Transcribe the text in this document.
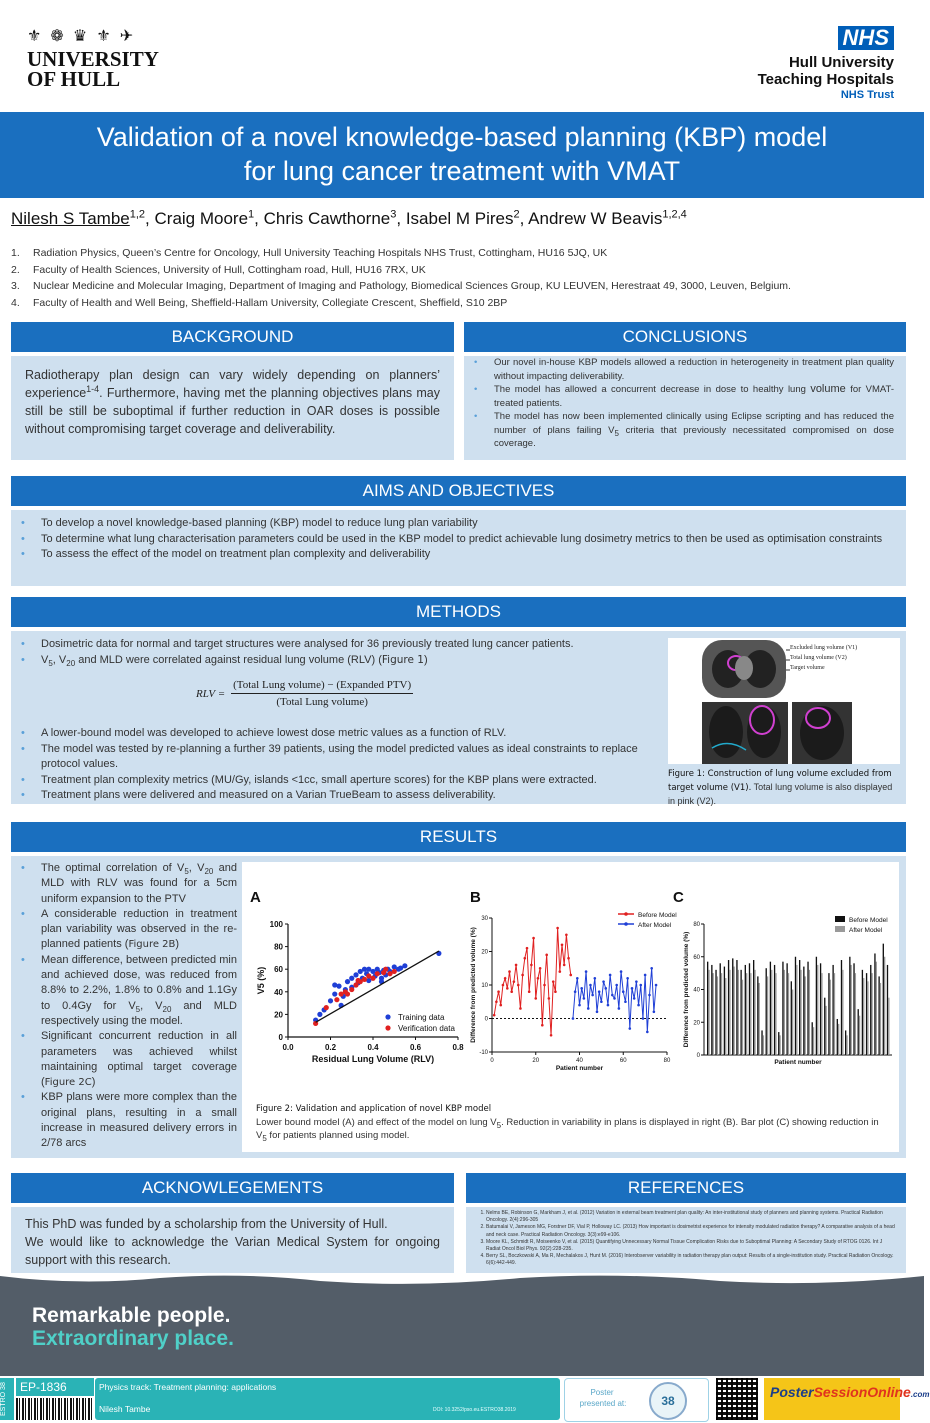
⚜ ❁ ♛ ⚜ ✈
UNIVERSITY OF HULL
NHS
Hull University
Teaching Hospitals
NHS Trust
Validation of a novel knowledge-based planning (KBP) model
for lung cancer treatment with VMAT
Nilesh S Tambe$^{1,2}$, Craig Moore$^1$, Chris Cawthorne$^3$, Isabel M Pires$^2$, Andrew W Beavis$^{1,2,4}$
1.	Radiation Physics, Queen’s Centre for Oncology, Hull University Teaching Hospitals NHS Trust, Cottingham, HU16 5JQ, UK
2.	Faculty of Health Sciences, University of Hull, Cottingham road, Hull, HU16 7RX, UK
3.	Nuclear Medicine and Molecular Imaging, Department of Imaging and Pathology, Biomedical Sciences Group, KU LEUVEN, Herestraat 49, 3000, Leuven, Belgium.
4.	Faculty of Health and Well Being, Sheffield-Hallam University, Collegiate Crescent, Sheffield, S10 2BP
BACKGROUND

Radiotherapy plan design can vary widely depending on planners’ experience$^{1-4}$. Furthermore, having met the planning objectives plans may still be still be suboptimal if further reduction in OAR doses is possible without compromising target coverage and deliverability.

CONCLUSIONS
• Our novel in-house KBP models allowed a reduction in heterogeneity in treatment plan quality without impacting deliverability.
• The model has allowed a concurrent decrease in dose to healthy lung volume for VMAT-treated patients.
• The model has now been implemented clinically using Eclipse scripting and has reduced the number of plans failing $V_5$ criteria that previously necessitated compromised on dose coverage.
AIMS AND OBJECTIVES
• To develop a novel knowledge-based planning (KBP) model to reduce lung plan variability
• To determine what lung characterisation parameters could be used in the KBP model to predict achievable lung dosimetry metrics to then be used as optimisation constraints
• To assess the effect of the model on treatment plan complexity and deliverability
METHODS
• Dosimetric data for normal and target structures were analysed for 36 previously treated lung cancer patients.
• $V_5$, $V_{20}$ and MLD were correlated against residual lung volume (RLV) (Figure 1)
RLV =
(Total Lung volume) − (Expanded PTV)
(Total Lung volume)
• A lower-bound model was developed to achieve lowest dose metric values as a function of RLV.
• The model was tested by re-planning a further 39 patients, using the model predicted values as ideal constraints to replace protocol values.
• Treatment plan complexity metrics (MU/Gy, islands <1cc, small aperture scores) for the KBP plans were extracted.
• Treatment plans were delivered and measured on a Varian TrueBeam to assess deliverability.
Excluded lung volume (V1)
Total lung volume (V2)
Target volume
Figure 1: Construction of lung volume excluded from target volume (V1). Total lung volume is also displayed in pink (V2).
RESULTS
• The optimal correlation of $V_5$, $V_{20}$ and MLD with RLV was found for a 5cm uniform expansion to the PTV
• A considerable reduction in treatment plan variability was observed in the re-planned patients (Figure 2B)
• Mean difference, between predicted min and achieved dose, was reduced from 8.8% to 2.2%, 1.8% to 0.8% and 1.1Gy to 0.4Gy for $V_5$, $V_{20}$ and MLD respectively using the model.
• Significant concurrent reduction in all parameters was achieved whilst maintaining optimal target coverage (Figure 2C)
• KBP plans were more complex than the original plans, resulting in a small increase in measured delivery errors in 2/78 arcs
A
0.0	0.2	0.4	0.6	0.8
0
20
40
60
80
100
Residual Lung Volume (RLV)
V5 (%)
Training data
Verification data
B
0	20	40	60	80
-10
0
10
20
30
Patient number
Difference from predicted volume (%)
Before Model
After Model
C
0
20
40
60
80
Patient number
Difference from predicted volume (%)
Before Model
After Model
Figure 2: Validation and application of novel KBP model
Lower bound model (A) and effect of the model on lung $V_5$. Reduction in variability in plans is displayed in right (B). Bar plot (C) showing reduction in $V_5$ for patients planned using model.
ACKNOWLEGEMENTS
This PhD was funded by a scholarship from the University of Hull.
We would like to acknowledge the Varian Medical System for ongoing support with this research.
REFERENCES
1. Nelms BE, Robinson G, Markham J, et al. (2012) Variation in external beam treatment plan quality: An inter-institutional study of planners and planning systems. Practical Radiation Oncology. 2(4):296-305
2. Batumalai V, Jameson MG, Forstner DF, Vial P, Holloway LC. (2013) How important is dosimetrist experience for intensity modulated radiation therapy? A comparative analysis of a head and neck case. Practical Radiation Oncology. 3(3):e99-e106.
3. Moore KL, Schmidt R, Moiseenko V, et al. (2015) Quantifying Unnecessary Normal Tissue Complication Risks due to Suboptimal Planning: A Secondary Study of RTOG 0126. Int J Radiat Oncol Biol Phys. 92(2):228-235.
4. Berry SL, Boczkowski A, Ma R, Mechalakos J, Hunt M. (2016) Interobserver variability in radiation therapy plan output: Results of a single-institution study. Practical Radiation Oncology. 6(6):442-449.
Remarkable people.
Extraordinary place.
ESTRO 38	EP-1836	Physics track: Treatment planning: applications
Nilesh Tambe	DOI: 10.3252/pso.eu.ESTRO38.2019
Poster
presented at:	38
PosterSessionOnline.com
